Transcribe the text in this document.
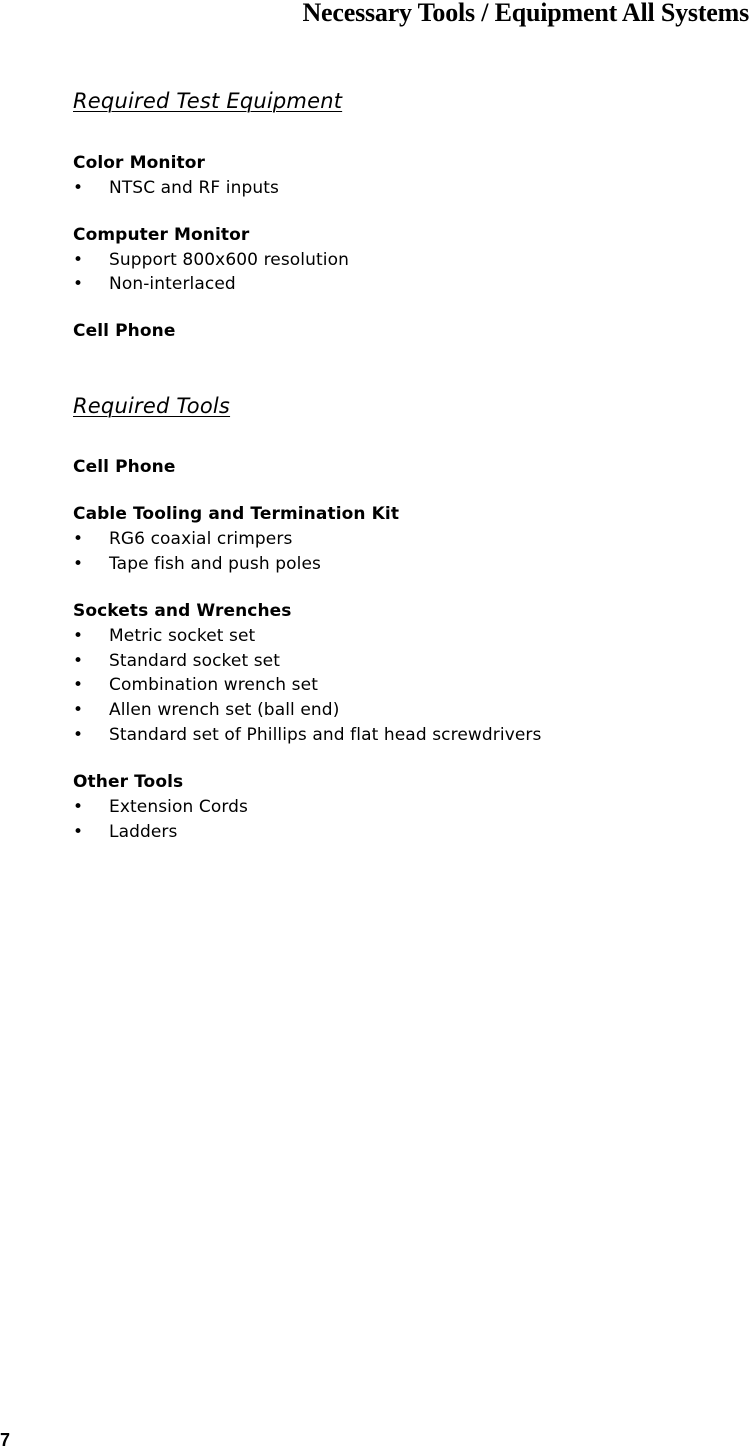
Necessary Tools / Equipment All Systems
Required Test Equipment
Color Monitor
• NTSC and RF inputs
Computer Monitor
• Support 800x600 resolution
• Non-interlaced
Cell Phone
Required Tools
Cell Phone
Cable Tooling and Termination Kit
• RG6 coaxial crimpers
• Tape fish and push poles
Sockets and Wrenches
• Metric socket set
• Standard socket set
• Combination wrench set
• Allen wrench set (ball end)
• Standard set of Phillips and flat head screwdrivers
Other Tools
• Extension Cords
• Ladders
7
